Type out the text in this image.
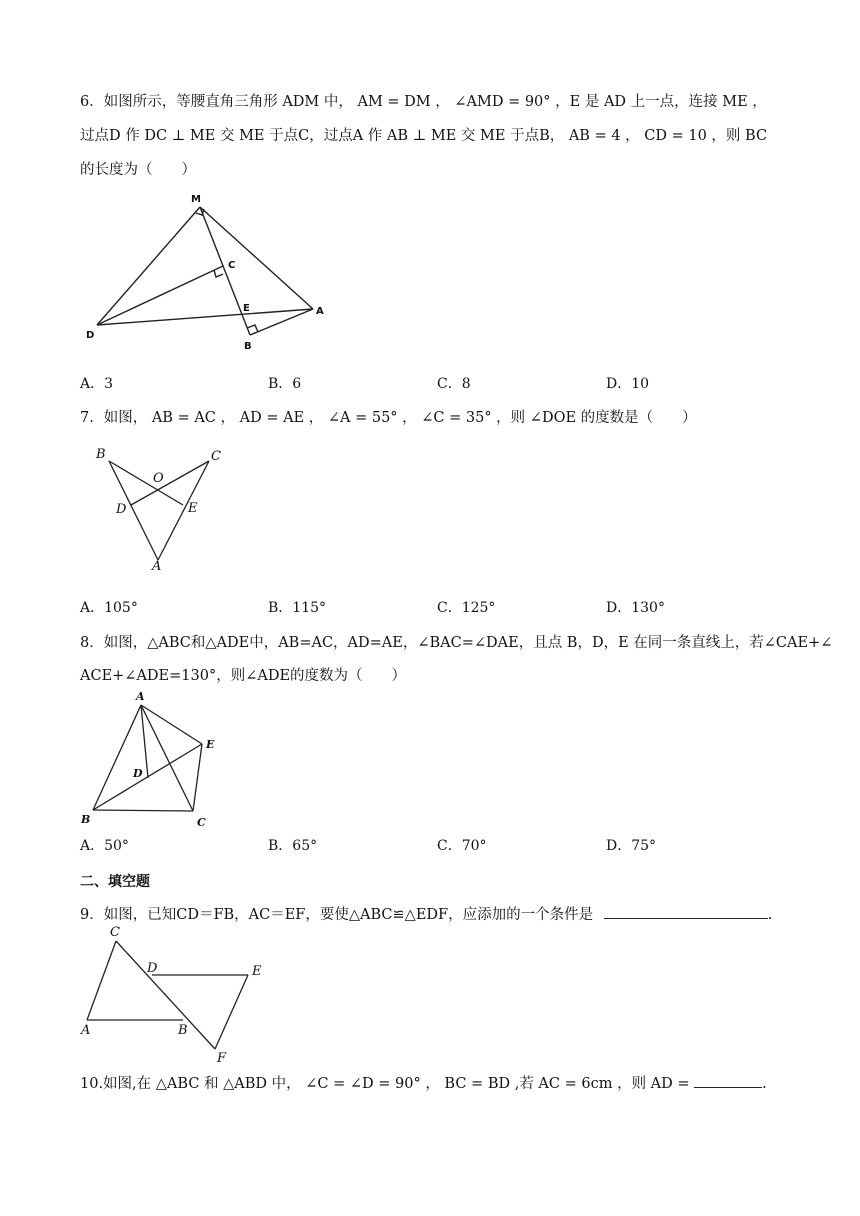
6．如图所示，等腰直角三角形 ADM 中， AM = DM ， ∠AMD = 90° ，E 是 AD 上一点，连接 ME ，
过点D 作 DC ⊥ ME 交 ME 于点C，过点A 作 AB ⊥ ME 交 ME 于点B， AB = 4 ， CD = 10 ，则 BC
的长度为（　　）
M
C
E	A
D
B
A．3	B．6	C．8	D．10
7．如图， AB = AC ， AD = AE ， ∠A = 55° ， ∠C = 35° ，则 ∠DOE 的度数是（　　）
B	C
O
D	E
A
A．105°	B．115°	C．125°	D．130°
8．如图，△ABC和△ADE中，AB=AC，AD=AE，∠BAC=∠DAE，且点 B，D，E 在同一条直线上，若∠CAE+∠
ACE+∠ADE=130°，则∠ADE的度数为（　　）
A
E
D
B	C
A．50°	B．65°	C．70°	D．75°
二、填空题
9．如图，已知CD＝FB，AC＝EF，要使△ABC≌△EDF，应添加的一个条件是	.
C
D	E
A	B
F
10.如图,在 △ABC 和 △ABD 中， ∠C = ∠D = 90° ， BC = BD ,若 AC = 6cm ，则 AD =	.
